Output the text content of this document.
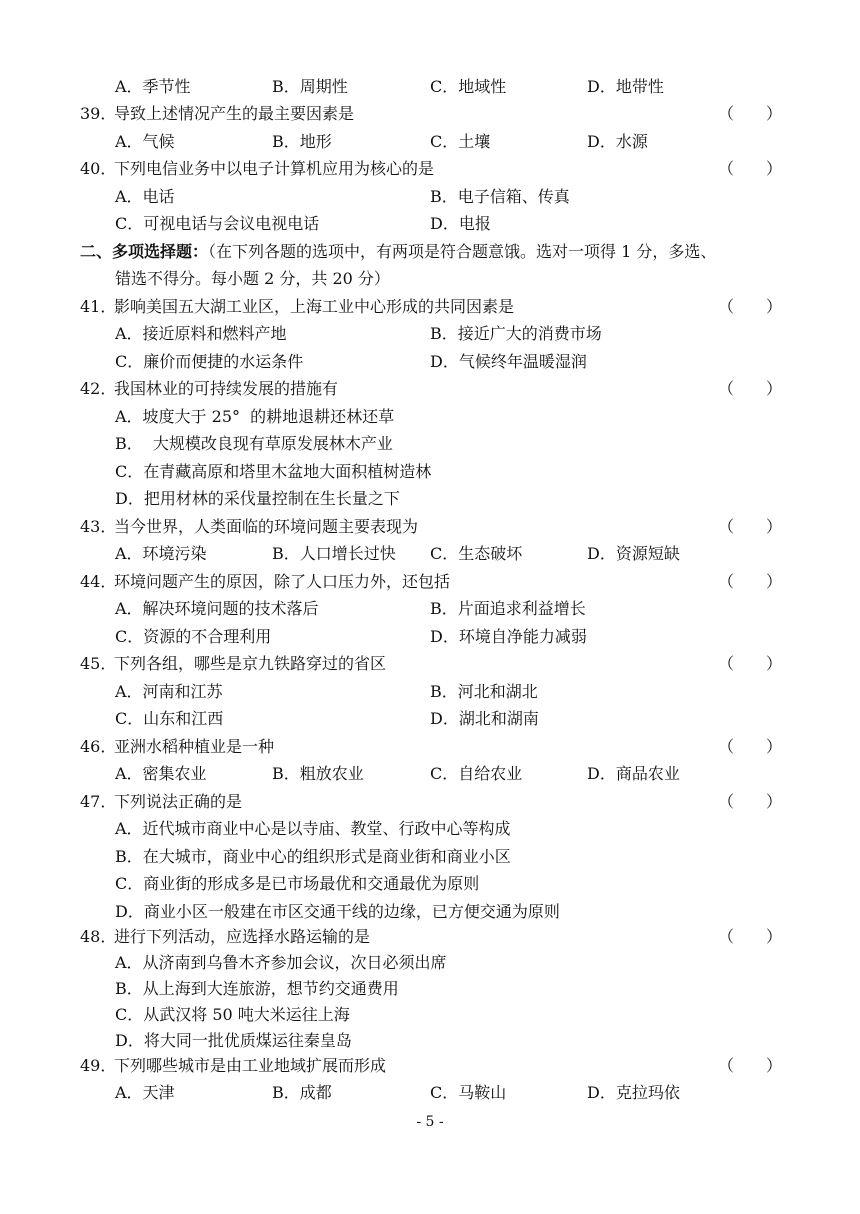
A．季节性	B．周期性	C．地域性	D．地带性
39．导致上述情况产生的最主要因素是	（　　）
A．气候	B．地形	C．土壤	D．水源
40．下列电信业务中以电子计算机应用为核心的是	（　　）
A．电话	B．电子信箱、传真
C．可视电话与会议电视电话	D．电报
二、多项选择题：（在下列各题的选项中，有两项是符合题意饿。选对一项得 1 分，多选、
错选不得分。每小题 2 分，共 20 分）
41．影响美国五大湖工业区，上海工业中心形成的共同因素是	（　　）
A．接近原料和燃料产地	B．接近广大的消费市场
C．廉价而便捷的水运条件	D．气候终年温暖湿润
42．我国林业的可持续发展的措施有	（　　）
A．坡度大于 25°  的耕地退耕还林还草
B．  大规模改良现有草原发展林木产业
C．在青藏高原和塔里木盆地大面积植树造林
D．把用材林的采伐量控制在生长量之下
43．当今世界，人类面临的环境问题主要表现为	（　　）
A．环境污染	B．人口增长过快 C．生态破坏	D．资源短缺
44．环境问题产生的原因，除了人口压力外，还包括	（　　）
A．解决环境问题的技术落后	B．片面追求利益增长
C．资源的不合理利用	D．环境自净能力减弱
45．下列各组，哪些是京九铁路穿过的省区	（　　）
A．河南和江苏	B．河北和湖北
C．山东和江西	D．湖北和湖南
46．亚洲水稻种植业是一种	（　　）
A．密集农业	B．粗放农业	C．自给农业	D．商品农业
47．下列说法正确的是	（　　）
A．近代城市商业中心是以寺庙、教堂、行政中心等构成
B．在大城市，商业中心的组织形式是商业街和商业小区
C．商业街的形成多是已市场最优和交通最优为原则
D．商业小区一般建在市区交通干线的边缘，已方便交通为原则
48．进行下列活动，应选择水路运输的是	（　　）
A．从济南到乌鲁木齐参加会议，次日必须出席
B．从上海到大连旅游，想节约交通费用
C．从武汉将 50 吨大米运往上海
D．将大同一批优质煤运往秦皇岛
49．下列哪些城市是由工业地域扩展而形成	（　　）
A．天津	B．成都	C．马鞍山	D．克拉玛依
- 5 -
